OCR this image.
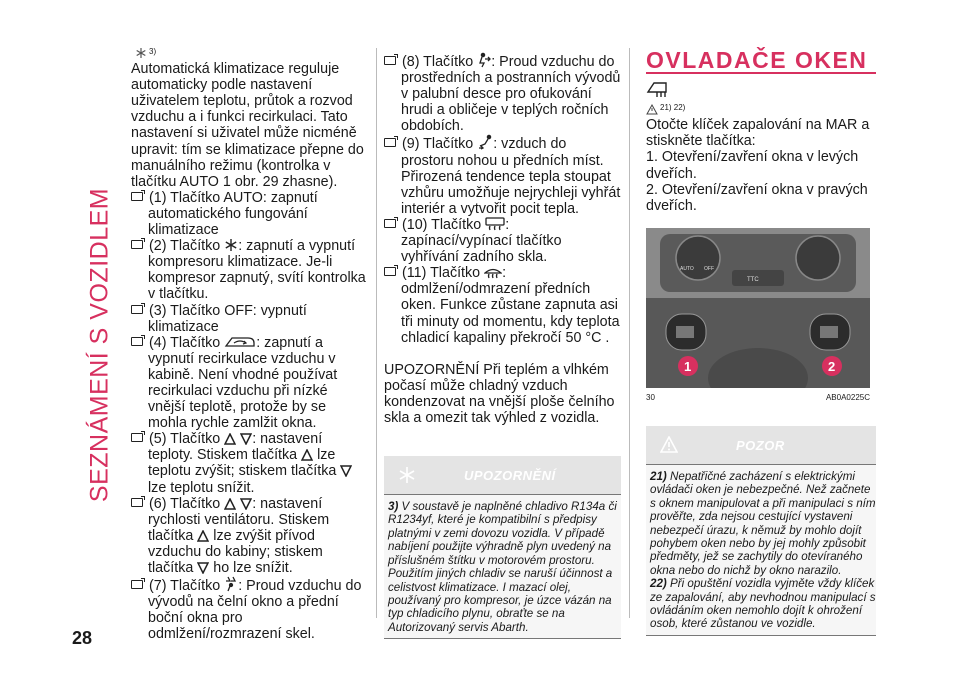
SEZNÁMENÍ S VOZIDLEM
28

$^{3)}$

Automatická klimatizace reguluje automaticky podle nastavení uživatelem teplotu, průtok a rozvod vzduchu a i funkci recirkulaci. Tato nastavení si uživatel může nicméně upravit: tím se klimatizace přepne do manuálního režimu (kontrolka v tlačítku AUTO 1 obr. 29 zhasne).

(1) Tlačítko AUTO: zapnutí automatického fungování klimatizace

(2) Tlačítko : zapnutí a vypnutí kompresoru klimatizace. Je-li kompresor zapnutý, svítí kontrolka v tlačítku.

(3) Tlačítko OFF: vypnutí klimatizace

(4) Tlačítko	: zapnutí a vypnutí recirkulace vzduchu v kabině. Není vhodné používat recirkulaci vzduchu při nízké vnější teplotě, protože by se mohla rychle zamlžit okna.

(5) Tlačítko : nastavení teploty. Stiskem tlačítka lze teplotu zvýšit; stiskem tlačítka  lze teplotu snížit.

(6) Tlačítko : nastavení rychlosti ventilátoru. Stiskem tlačítka lze zvýšit přívod vzduchu do kabiny; stiskem tlačítka ho lze snížit.

(7) Tlačítko : Proud vzduchu do vývodů na čelní okno a přední boční okna pro odmlžení/rozmrazení skel.

(8) Tlačítko : Proud vzduchu do prostředních a postranních vývodů v palubní desce pro ofukování hrudi a obličeje v teplých ročních obdobích.

(9) Tlačítko : vzduch do prostoru nohou u předních míst. Přirozená tendence tepla stoupat vzhůru umožňuje nejrychleji vyhřát interiér a vytvořit pocit tepla.

(10) Tlačítko : zapínací/vypínací tlačítko vyhřívání zadního skla.

(11) Tlačítko : odmlžení/odmrazení předních oken. Funkce zůstane zapnuta asi tři minuty od momentu, kdy teplota chladicí kapaliny překročí 50 °C .

UPOZORNĚNÍ Při teplém a vlhkém počasí může chladný vzduch kondenzovat na vnější ploše čelního skla a omezit tak výhled z vozidla.

UPOZORNĚNÍ
3) V soustavě je naplněné chladivo R134a či R1234yf, které je kompatibilní s předpisy platnými v zemi dovozu vozidla. V případě nabíjení použijte výhradně plyn uvedený na příslušném štítku v motorovém prostoru. Použitím jiných chladiv se naruší účinnost a celistvost klimatizace. I mazací olej, používaný pro kompresor, je úzce vázán na typ chladicího plynu, obraťte se na Autorizovaný servis Abarth.
OVLADAČE OKEN

$^{21) 22)}$

Otočte klíček zapalování na MAR a stiskněte tlačítka:

1. Otevření/zavření okna v levých dveřích.

2. Otevření/zavření okna v pravých dveřích.

TTC
AUTO OFF
1	2
30	AB0A0225C
POZOR

21) Nepatřičné zacházení s elektrickými ovládači oken je nebezpečné. Než začnete s oknem manipulovat a při manipulaci s ním prověřte, zda nejsou cestující vystaveni nebezpečí úrazu, k němuž by mohlo dojít pohybem oken nebo by jej mohly způsobit předměty, jež se zachytily do otevíraného okna nebo do nichž by okno narazilo.

22) Při opuštění vozidla vyjměte vždy klíček ze zapalování, aby nevhodnou manipulací s ovládáním oken nemohlo dojít k ohrožení osob, které zůstanou ve vozidle.
